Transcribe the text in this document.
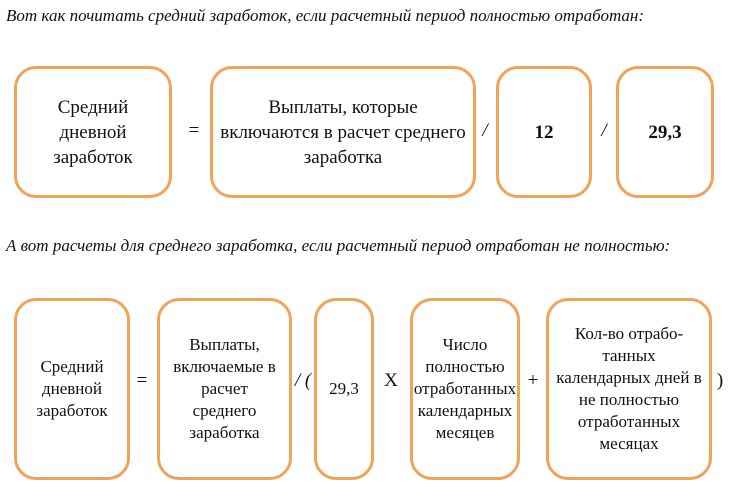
Вот как почитать средний заработок, если расчетный период полностью отработан:
Средний дневной заработок
=
Выплаты, которые включаются в расчет среднего заработка
/	12	/	29,3
А вот расчеты для среднего заработка, если расчетный период отработан не полностью:
Средний дневной заработок
=
Выплаты, включаемые в расчет среднего заработка
/ ( 29,3 X
Число полностью отработанных календарных месяцев
+
Кол-во отрабо-танных календарных дней в не полностью отработанных месяцах
)
